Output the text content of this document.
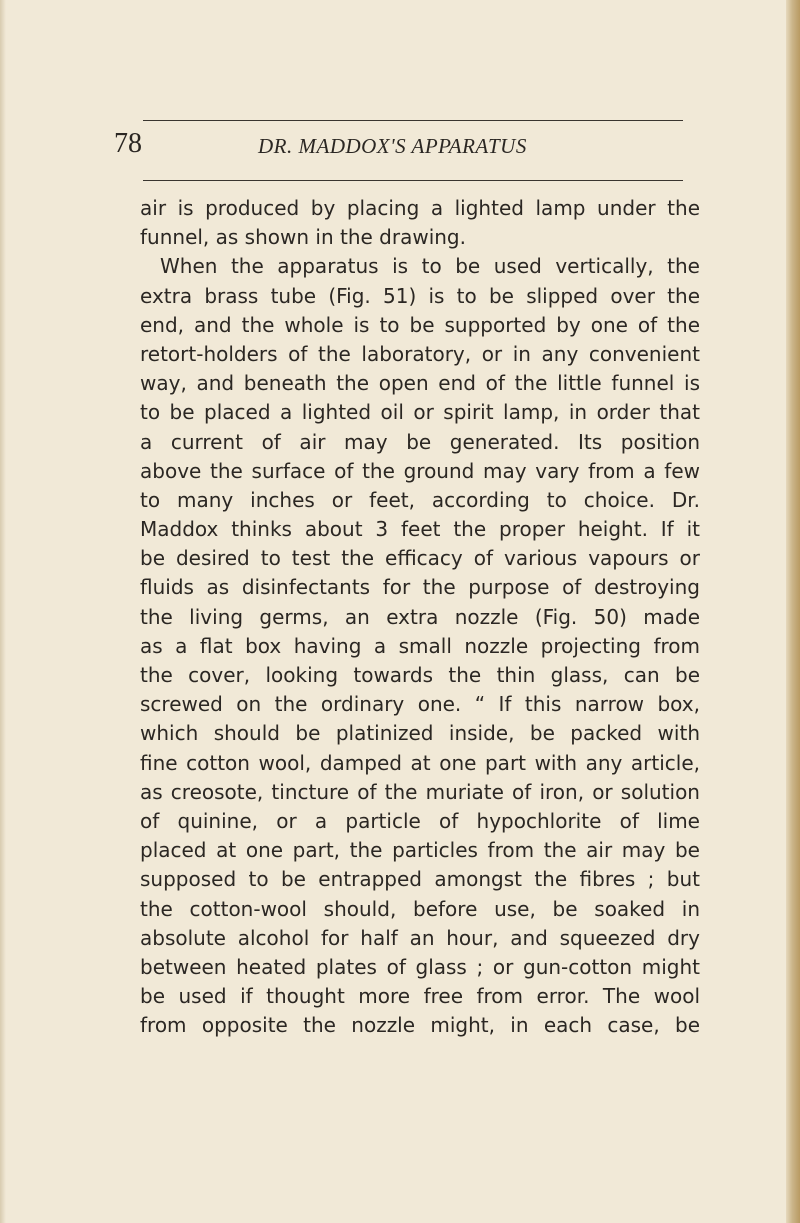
78	DR. MADDOX'S APPARATUS
air is produced by placing a lighted lamp under the
funnel, as shown in the drawing.
When the apparatus is to be used vertically, the
extra brass tube (Fig. 51) is to be slipped over the
end, and the whole is to be supported by one of the
retort-holders of the laboratory, or in any convenient
way, and beneath the open end of the little funnel is
to be placed a lighted oil or spirit lamp, in order that
a current of air may be generated. Its position
above the surface of the ground may vary from a few
to many inches or feet, according to choice. Dr.
Maddox thinks about 3 feet the proper height. If it
be desired to test the efficacy of various vapours or
fluids as disinfectants for the purpose of destroying
the living germs, an extra nozzle (Fig. 50) made
as a flat box having a small nozzle projecting from
the cover, looking towards the thin glass, can be
screwed on the ordinary one. “ If this narrow box,
which should be platinized inside, be packed with
fine cotton wool, damped at one part with any article,
as creosote, tincture of the muriate of iron, or solution
of quinine, or a particle of hypochlorite of lime
placed at one part, the particles from the air may be
supposed to be entrapped amongst the fibres ; but
the cotton-wool should, before use, be soaked in
absolute alcohol for half an hour, and squeezed dry
between heated plates of glass ; or gun-cotton might
be used if thought more free from error. The wool
from opposite the nozzle might, in each case, be
